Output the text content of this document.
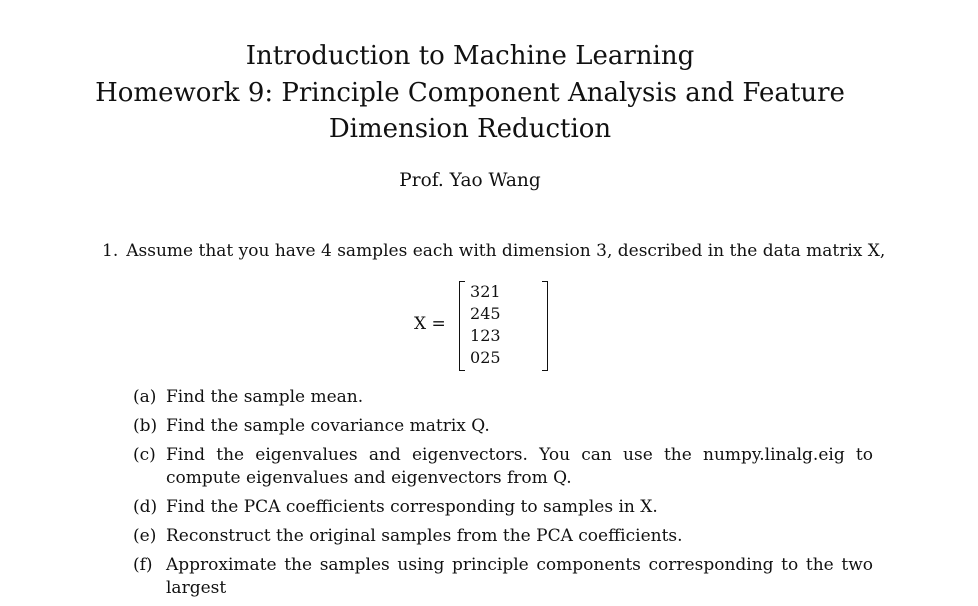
Introduction to Machine Learning
Homework 9: Principle Component Analysis and Feature
Dimension Reduction
Prof. Yao Wang
1. Assume that you have 4 samples each with dimension 3, described in the data matrix X,
X =
3	2	1
2	4	5
1	2	3
0	2	5
(a) Find the sample mean.
(b) Find the sample covariance matrix Q.
(c) Find the eigenvalues and eigenvectors. You can use the numpy.linalg.eig to compute eigenvalues and eigenvectors from Q.
(d) Find the PCA coefficients corresponding to samples in X.
(e) Reconstruct the original samples from the PCA coefficients.
(f) Approximate the samples using principle components corresponding to the two largest
